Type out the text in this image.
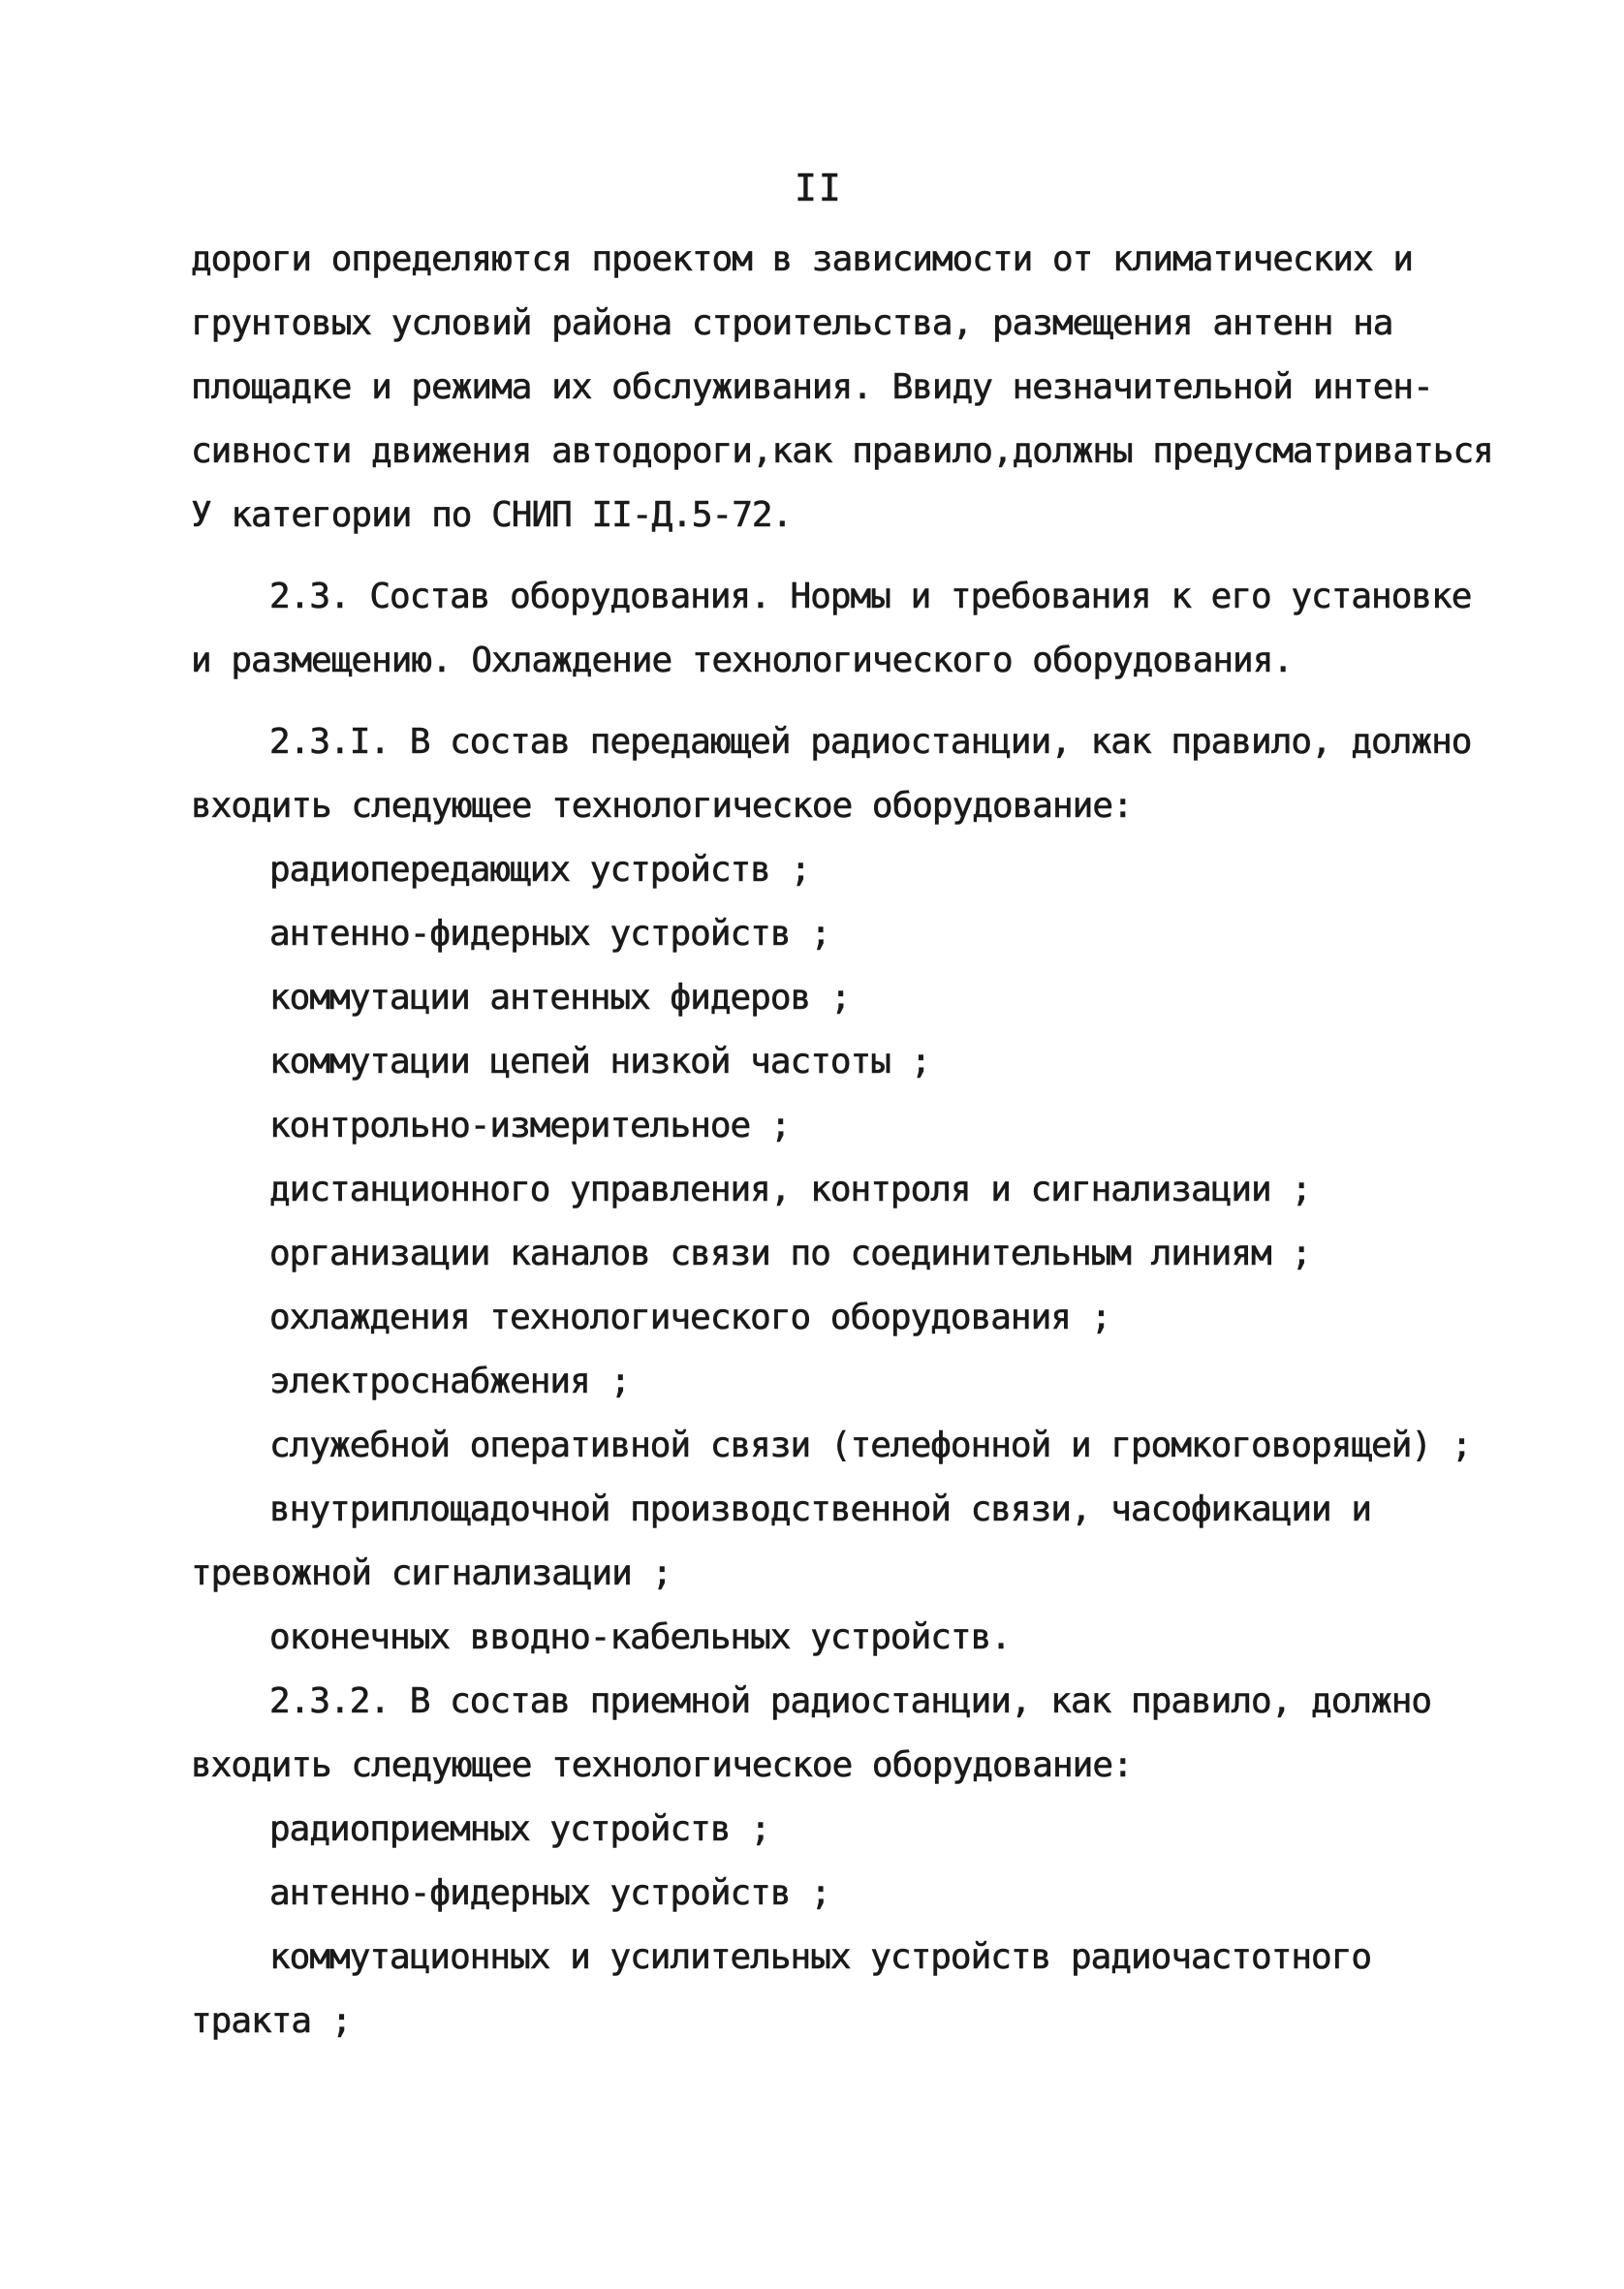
II
дороги определяются проектом в зависимости от климатических и
грунтовых условий района строительства, размещения антенн на
площадке и режима их обслуживания. Ввиду незначительной интен-
сивности движения автодороги,как правило,должны предусматриваться
У категории по СНИП II-Д.5-72.
2.3. Состав оборудования. Нормы и требования к его установке
и размещению. Охлаждение технологического оборудования.
2.3.I. В состав передающей радиостанции, как правило, должно
входить следующее технологическое оборудование:
радиопередающих устройств ;
антенно-фидерных устройств ;
коммутации антенных фидеров ;
коммутации цепей низкой частоты ;
контрольно-измерительное ;
дистанционного управления, контроля и сигнализации ;
организации каналов связи по соединительным линиям ;
охлаждения технологического оборудования ;
электроснабжения ;
служебной оперативной связи (телефонной и громкоговорящей) ;
внутриплощадочной производственной связи, часофикации и
тревожной сигнализации ;
оконечных вводно-кабельных устройств.
2.3.2. В состав приемной радиостанции, как правило, должно
входить следующее технологическое оборудование:
радиоприемных устройств ;
антенно-фидерных устройств ;
коммутационных и усилительных устройств радиочастотного
тракта ;
